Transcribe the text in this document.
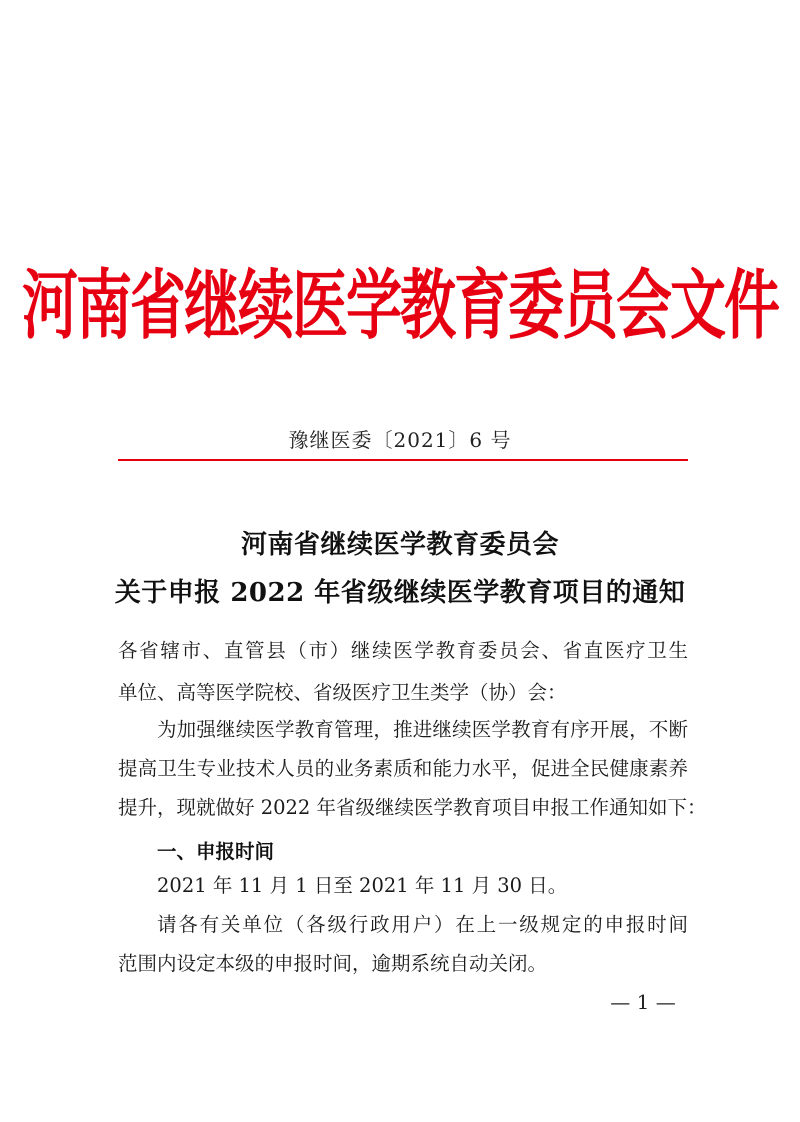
河南省继续医学教育委员会文件
豫继医委〔2021〕6 号
河南省继续医学教育委员会
关于申报 2022 年省级继续医学教育项目的通知
各省辖市、直管县（市）继续医学教育委员会、省直医疗卫生
单位、高等医学院校、省级医疗卫生类学（协）会：
为加强继续医学教育管理，推进继续医学教育有序开展，不断
提高卫生专业技术人员的业务素质和能力水平，促进全民健康素养
提升，现就做好 2022 年省级继续医学教育项目申报工作通知如下：
一、申报时间
2021 年 11 月 1 日至 2021 年 11 月 30 日。
请各有关单位（各级行政用户）在上一级规定的申报时间
范围内设定本级的申报时间，逾期系统自动关闭。
— 1 —
